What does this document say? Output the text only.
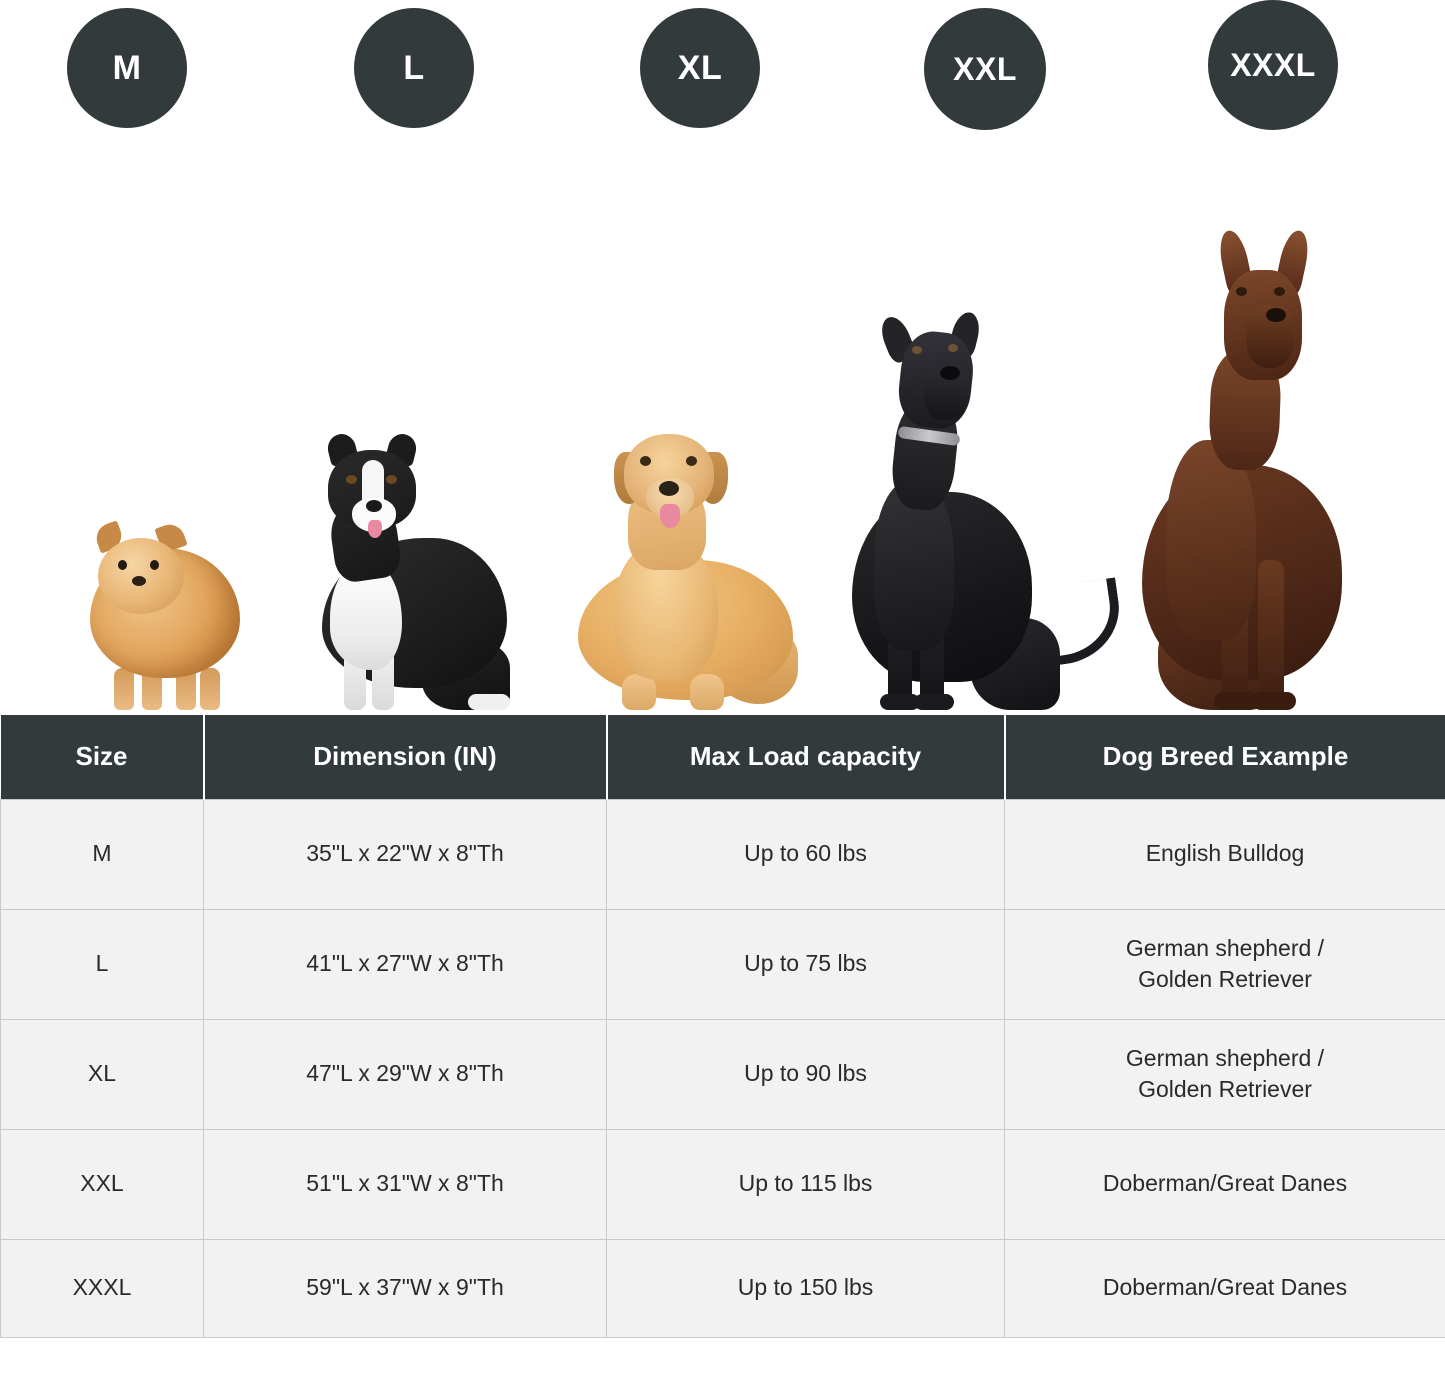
M	L	XL	XXL	XXXL
Size	Dimension (IN)	Max Load capacity	Dog Breed Example
M	35"L x 22"W x 8"Th	Up to 60 lbs	English Bulldog

L	41"L x 27"W x 8"Th	Up to 75 lbs	German shepherd /
Golden Retriever

XL	47"L x 29"W x 8"Th	Up to 90 lbs	German shepherd /
Golden Retriever

XXL	51"L x 31"W x 8"Th	Up to 115 lbs	Doberman/Great Danes

XXXL	59"L x 37"W x 9"Th	Up to 150 lbs	Doberman/Great Danes
